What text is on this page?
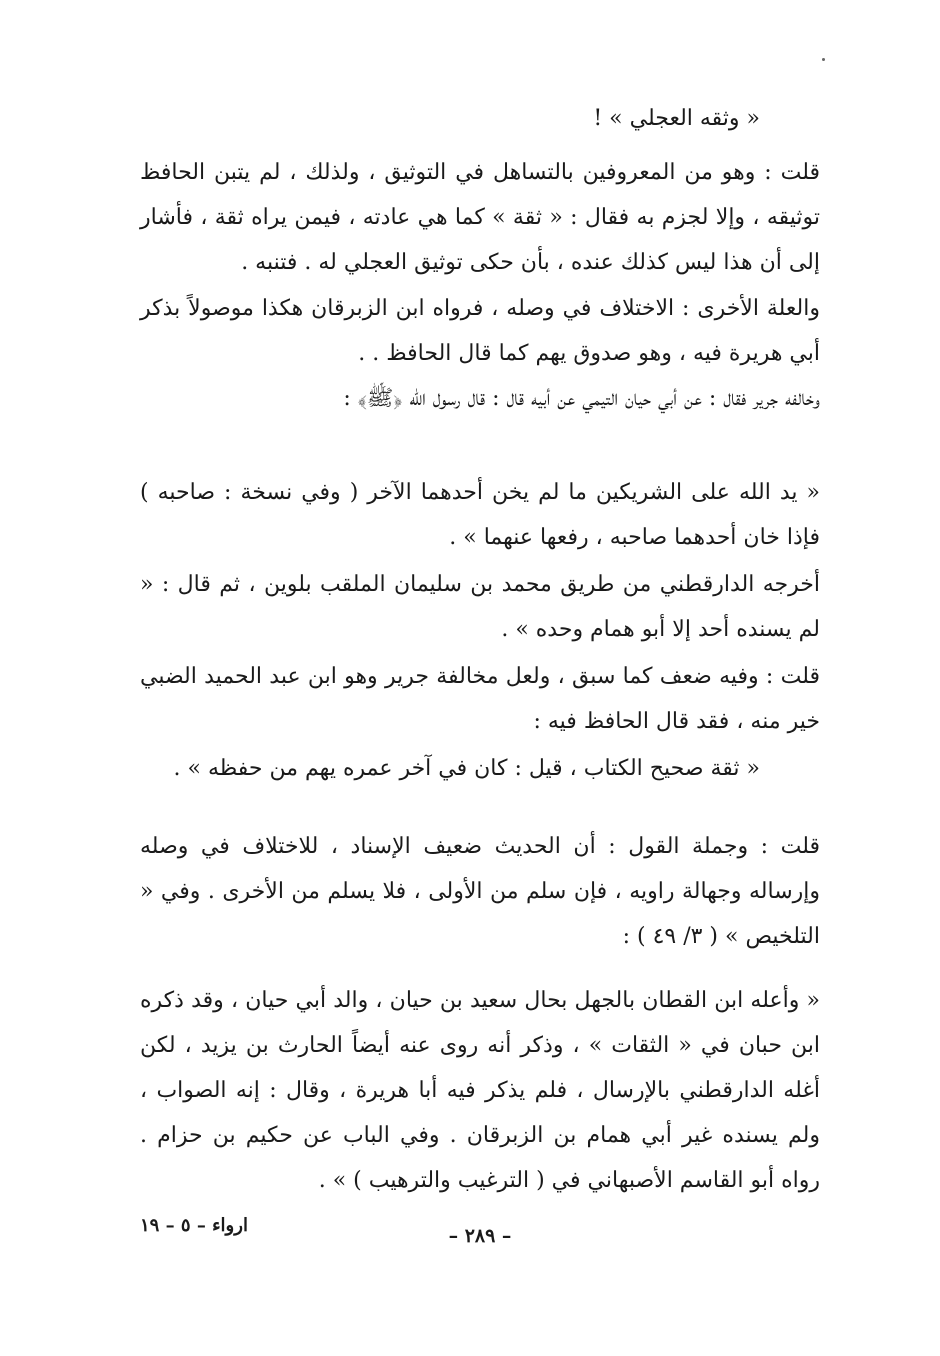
« وثقه العجلي » !

قلت : وهو من المعروفين بالتساهل في التوثيق ، ولذلك ، لم يتبن الحافظ توثيقه ، وإلا لجزم به فقال : « ثقة » كما هي عادته ، فيمن يراه ثقة ، فأشار إلى أن هذا ليس كذلك عنده ، بأن حكى توثيق العجلي له . فتنبه .

والعلة الأخرى : الاختلاف في وصله ، فرواه ابن الزبرقان هكذا موصولاً بذكر أبي هريرة فيه ، وهو صدوق يهم كما قال الحافظ . .

وخالفه جرير فقال : عن أبي حيان التيمي عن أبيه قال : قال رسول الله ﴿ﷺ﴾ :

« يد الله على الشريكين ما لم يخن أحدهما الآخر ( وفي نسخة : صاحبه ) فإذا خان أحدهما صاحبه ، رفعها عنهما » .

أخرجه الدارقطني من طريق محمد بن سليمان الملقب بلوين ، ثم قال : « لم يسنده أحد إلا أبو همام وحده » .

قلت : وفيه ضعف كما سبق ، ولعل مخالفة جرير وهو ابن عبد الحميد الضبي خير منه ، فقد قال الحافظ فيه :

« ثقة صحيح الكتاب ، قيل : كان في آخر عمره يهم من حفظه » .

قلت : وجملة القول : أن الحديث ضعيف الإسناد ، للاختلاف في وصله وإرساله وجهالة راويه ، فإن سلم من الأولى ، فلا يسلم من الأخرى . وفي « التلخيص » ( ٣/ ٤٩ ) :

« وأعله ابن القطان بالجهل بحال سعيد بن حيان ، والد أبي حيان ، وقد ذكره ابن حبان في « الثقات » ، وذكر أنه روى عنه أيضاً الحارث بن يزيد ، لكن أغله الدارقطني بالإرسال ، فلم يذكر فيه أبا هريرة ، وقال : إنه الصواب ، ولم يسنده غير أبي همام بن الزبرقان . وفي الباب عن حكيم بن حزام . رواه أبو القاسم الأصبهاني في ( الترغيب والترهيب ) » .

ارواء – ٥ – ١٩	– ٢٨٩ –
